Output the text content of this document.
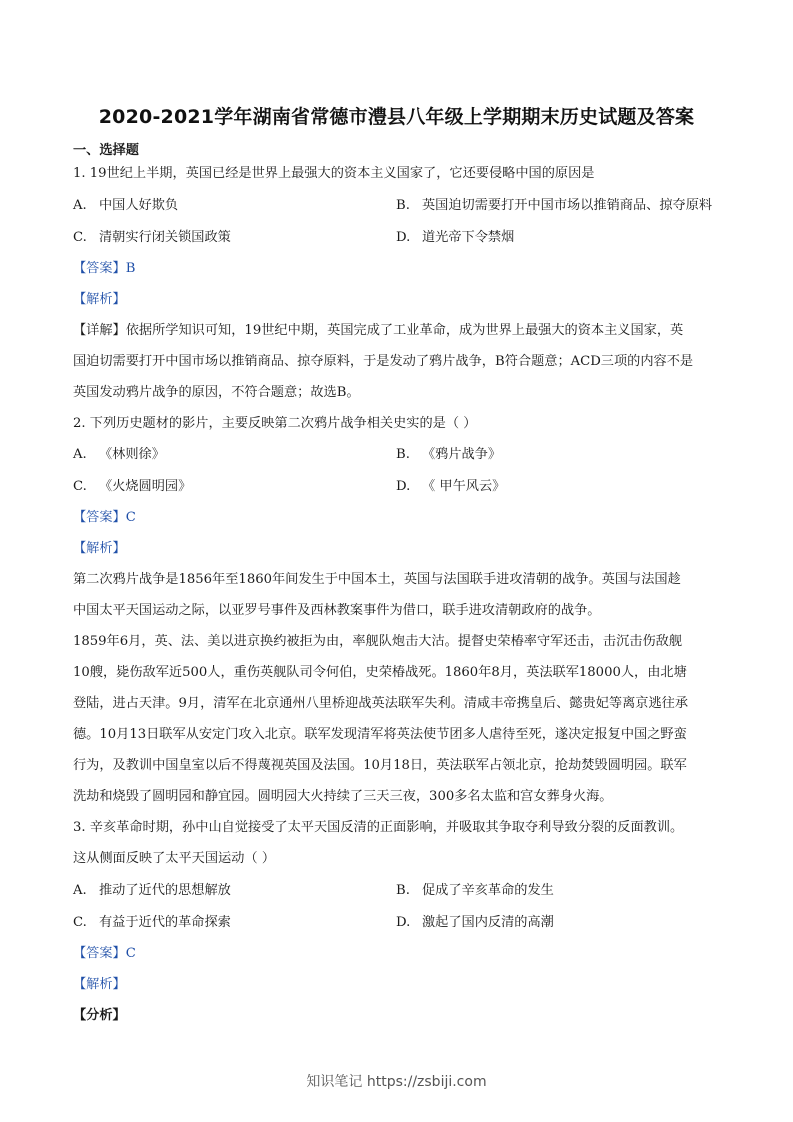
2020-2021学年湖南省常德市澧县八年级上学期期末历史试题及答案
一、选择题
1. 19世纪上半期，英国已经是世界上最强大的资本主义国家了，它还要侵略中国的原因是
A. 中国人好欺负	B. 英国迫切需要打开中国市场以推销商品、掠夺原料
C. 清朝实行闭关锁国政策	D. 道光帝下令禁烟
【答案】B
【解析】
【详解】依据所学知识可知，19世纪中期，英国完成了工业革命，成为世界上最强大的资本主义国家，英
国迫切需要打开中国市场以推销商品、掠夺原料，于是发动了鸦片战争，B符合题意；ACD三项的内容不是
英国发动鸦片战争的原因，不符合题意；故选B。
2. 下列历史题材的影片，主要反映第二次鸦片战争相关史实的是（ ）
A. 《林则徐》	B. 《鸦片战争》
C. 《火烧圆明园》	D. 《 甲午风云》
【答案】C
【解析】
第二次鸦片战争是1856年至1860年间发生于中国本土，英国与法国联手进攻清朝的战争。英国与法国趁
中国太平天国运动之际，以亚罗号事件及西林教案事件为借口，联手进攻清朝政府的战争。
1859年6月，英、法、美以进京换约被拒为由，率舰队炮击大沽。提督史荣椿率守军还击，击沉击伤敌舰
10艘，毙伤敌军近500人，重伤英舰队司令何伯，史荣椿战死。1860年8月，英法联军18000人，由北塘
登陆，进占天津。9月，清军在北京通州八里桥迎战英法联军失利。清咸丰帝携皇后、懿贵妃等离京逃往承
德。10月13日联军从安定门攻入北京。联军发现清军将英法使节团多人虐待至死，遂决定报复中国之野蛮
行为，及教训中国皇室以后不得蔑视英国及法国。10月18日，英法联军占领北京，抢劫焚毁圆明园。联军
洗劫和烧毁了圆明园和静宜园。圆明园大火持续了三天三夜，300多名太监和宫女葬身火海。
3. 辛亥革命时期，孙中山自觉接受了太平天国反清的正面影响，并吸取其争取夺利导致分裂的反面教训。
这从侧面反映了太平天国运动（ ）
A. 推动了近代的思想解放	B. 促成了辛亥革命的发生
C. 有益于近代的革命探索	D. 激起了国内反清的高潮
【答案】C
【解析】
【分析】
知识笔记 https://zsbiji.com
